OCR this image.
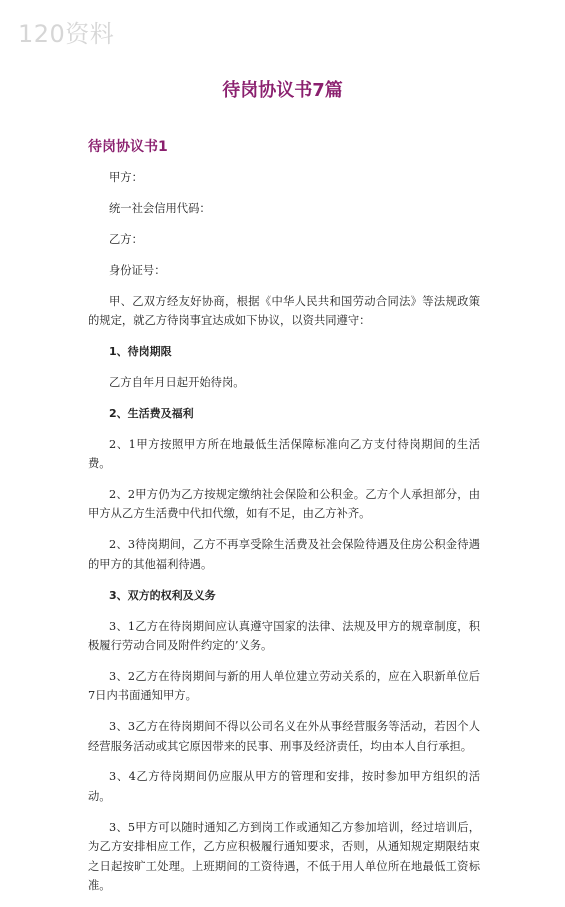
120资料
待岗协议书7篇
待岗协议书1

甲方：

统一社会信用代码：

乙方：

身份证号：

甲、乙双方经友好协商，根据《中华人民共和国劳动合同法》等法规政策的规定，就乙方待岗事宜达成如下协议，以资共同遵守：

1、待岗期限

乙方自年月日起开始待岗。

2、生活费及福利

2、1甲方按照甲方所在地最低生活保障标准向乙方支付待岗期间的生活费。

2、2甲方仍为乙方按规定缴纳社会保险和公积金。乙方个人承担部分，由甲方从乙方生活费中代扣代缴，如有不足，由乙方补齐。

2、3待岗期间，乙方不再享受除生活费及社会保险待遇及住房公积金待遇的甲方的其他福利待遇。

3、双方的权利及义务

3、1乙方在待岗期间应认真遵守国家的法律、法规及甲方的规章制度，积极履行劳动合同及附件约定的’义务。

3、2乙方在待岗期间与新的用人单位建立劳动关系的，应在入职新单位后7日内书面通知甲方。

3、3乙方在待岗期间不得以公司名义在外从事经营服务等活动，若因个人经营服务活动或其它原因带来的民事、刑事及经济责任，均由本人自行承担。

3、4乙方待岗期间仍应服从甲方的管理和安排，按时参加甲方组织的活动。

3、5甲方可以随时通知乙方到岗工作或通知乙方参加培训，经过培训后，为乙方安排相应工作，乙方应积极履行通知要求，否则，从通知规定期限结束之日起按旷工处理。上班期间的工资待遇，不低于用人单位所在地最低工资标准。
